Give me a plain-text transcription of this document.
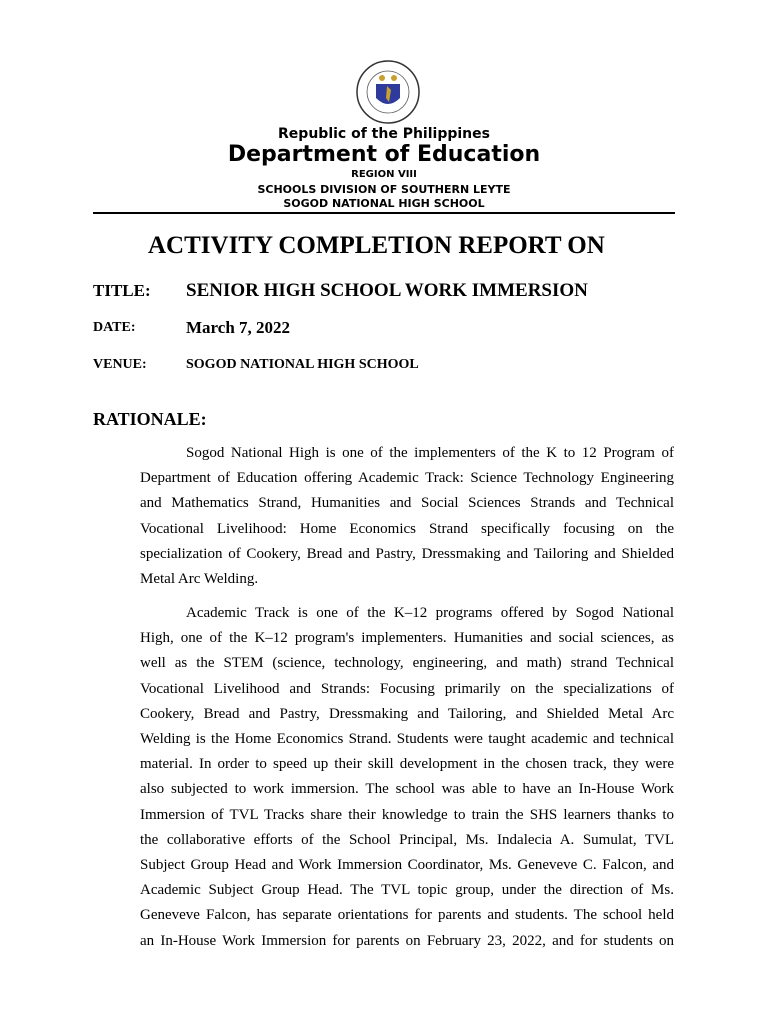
Republic of the Philippines
Department of Education
REGION VIII
SCHOOLS DIVISION OF SOUTHERN LEYTE
SOGOD NATIONAL HIGH SCHOOL
ACTIVITY COMPLETION REPORT ON
TITLE: SENIOR HIGH SCHOOL WORK IMMERSION
DATE:	March 7, 2022
VENUE:	SOGOD NATIONAL HIGH SCHOOL
RATIONALE:
Sogod National High is one of the implementers of the K to 12 Program of
Department of Education offering Academic Track: Science Technology Engineering
and Mathematics Strand, Humanities and Social Sciences Strands and Technical
Vocational Livelihood: Home Economics Strand specifically focusing on the
specialization of Cookery, Bread and Pastry, Dressmaking and Tailoring and Shielded
Metal Arc Welding.
Academic Track is one of the K–12 programs offered by Sogod National
High, one of the K–12 program's implementers. Humanities and social sciences, as
well as the STEM (science, technology, engineering, and math) strand Technical
Vocational Livelihood and Strands: Focusing primarily on the specializations of
Cookery, Bread and Pastry, Dressmaking and Tailoring, and Shielded Metal Arc
Welding is the Home Economics Strand. Students were taught academic and technical
material. In order to speed up their skill development in the chosen track, they were
also subjected to work immersion. The school was able to have an In-House Work
Immersion of TVL Tracks share their knowledge to train the SHS learners thanks to
the collaborative efforts of the School Principal, Ms. Indalecia A. Sumulat, TVL
Subject Group Head and Work Immersion Coordinator, Ms. Geneveve C. Falcon, and
Academic Subject Group Head. The TVL topic group, under the direction of Ms.
Geneveve Falcon, has separate orientations for parents and students. The school held
an In-House Work Immersion for parents on February 23, 2022, and for students on
